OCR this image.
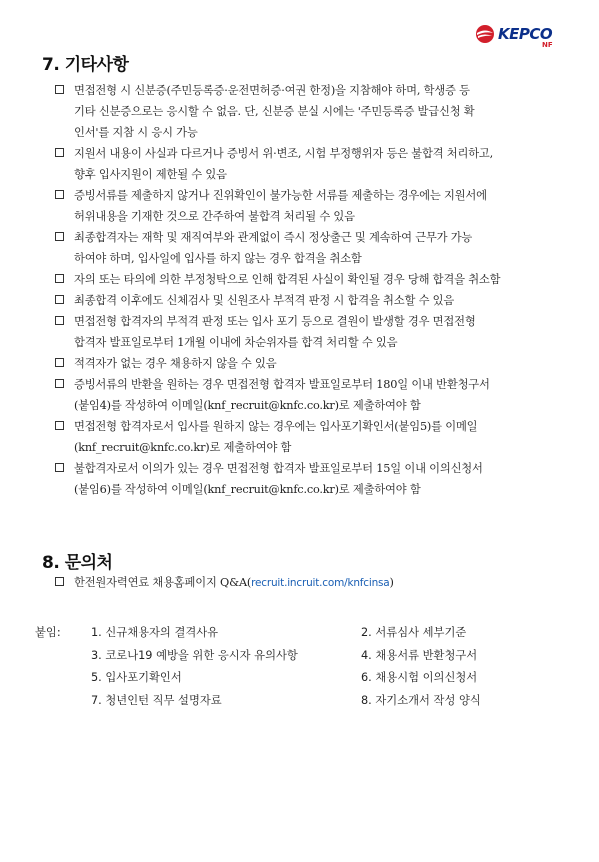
KEPCO
NF
7. 기타사항
면접전형 시 신분증(주민등록증·운전면허증·여권 한정)을 지참해야 하며, 학생증 등
기타 신분증으로는 응시할 수 없음. 단, 신분증 분실 시에는 '주민등록증 발급신청 확
인서'를 지참 시 응시 가능
지원서 내용이 사실과 다르거나 증빙서 위·변조, 시험 부정행위자 등은 불합격 처리하고,
향후 입사지원이 제한될 수 있음
증빙서류를 제출하지 않거나 진위확인이 불가능한 서류를 제출하는 경우에는 지원서에
허위내용을 기재한 것으로 간주하여 불합격 처리될 수 있음
최종합격자는 재학 및 재직여부와 관계없이 즉시 정상출근 및 계속하여 근무가 가능
하여야 하며, 입사일에 입사를 하지 않는 경우 합격을 취소함
자의 또는 타의에 의한 부정청탁으로 인해 합격된 사실이 확인될 경우 당해 합격을 취소함
최종합격 이후에도 신체검사 및 신원조사 부적격 판정 시 합격을 취소할 수 있음
면접전형 합격자의 부적격 판정 또는 입사 포기 등으로 결원이 발생할 경우 면접전형
합격자 발표일로부터 1개월 이내에 차순위자를 합격 처리할 수 있음
적격자가 없는 경우 채용하지 않을 수 있음
증빙서류의 반환을 원하는 경우 면접전형 합격자 발표일로부터 180일 이내 반환청구서
(붙임4)를 작성하여 이메일(knf_recruit@knfc.co.kr)로 제출하여야 함
면접전형 합격자로서 입사를 원하지 않는 경우에는 입사포기확인서(붙임5)를 이메일
(knf_recruit@knfc.co.kr)로 제출하여야 함
불합격자로서 이의가 있는 경우 면접전형 합격자 발표일로부터 15일 이내 이의신청서
(붙임6)를 작성하여 이메일(knf_recruit@knfc.co.kr)로 제출하여야 함
8. 문의처
한전원자력연료 채용홈페이지 Q&A(recruit.incruit.com/knfcinsa)
붙임:	1. 신규채용자의 결격사유
3. 코로나19 예방을 위한 응시자 유의사항
5. 입사포기확인서
7. 청년인턴 직무 설명자료
2. 서류심사 세부기준
4. 채용서류 반환청구서
6. 채용시험 이의신청서
8. 자기소개서 작성 양식
